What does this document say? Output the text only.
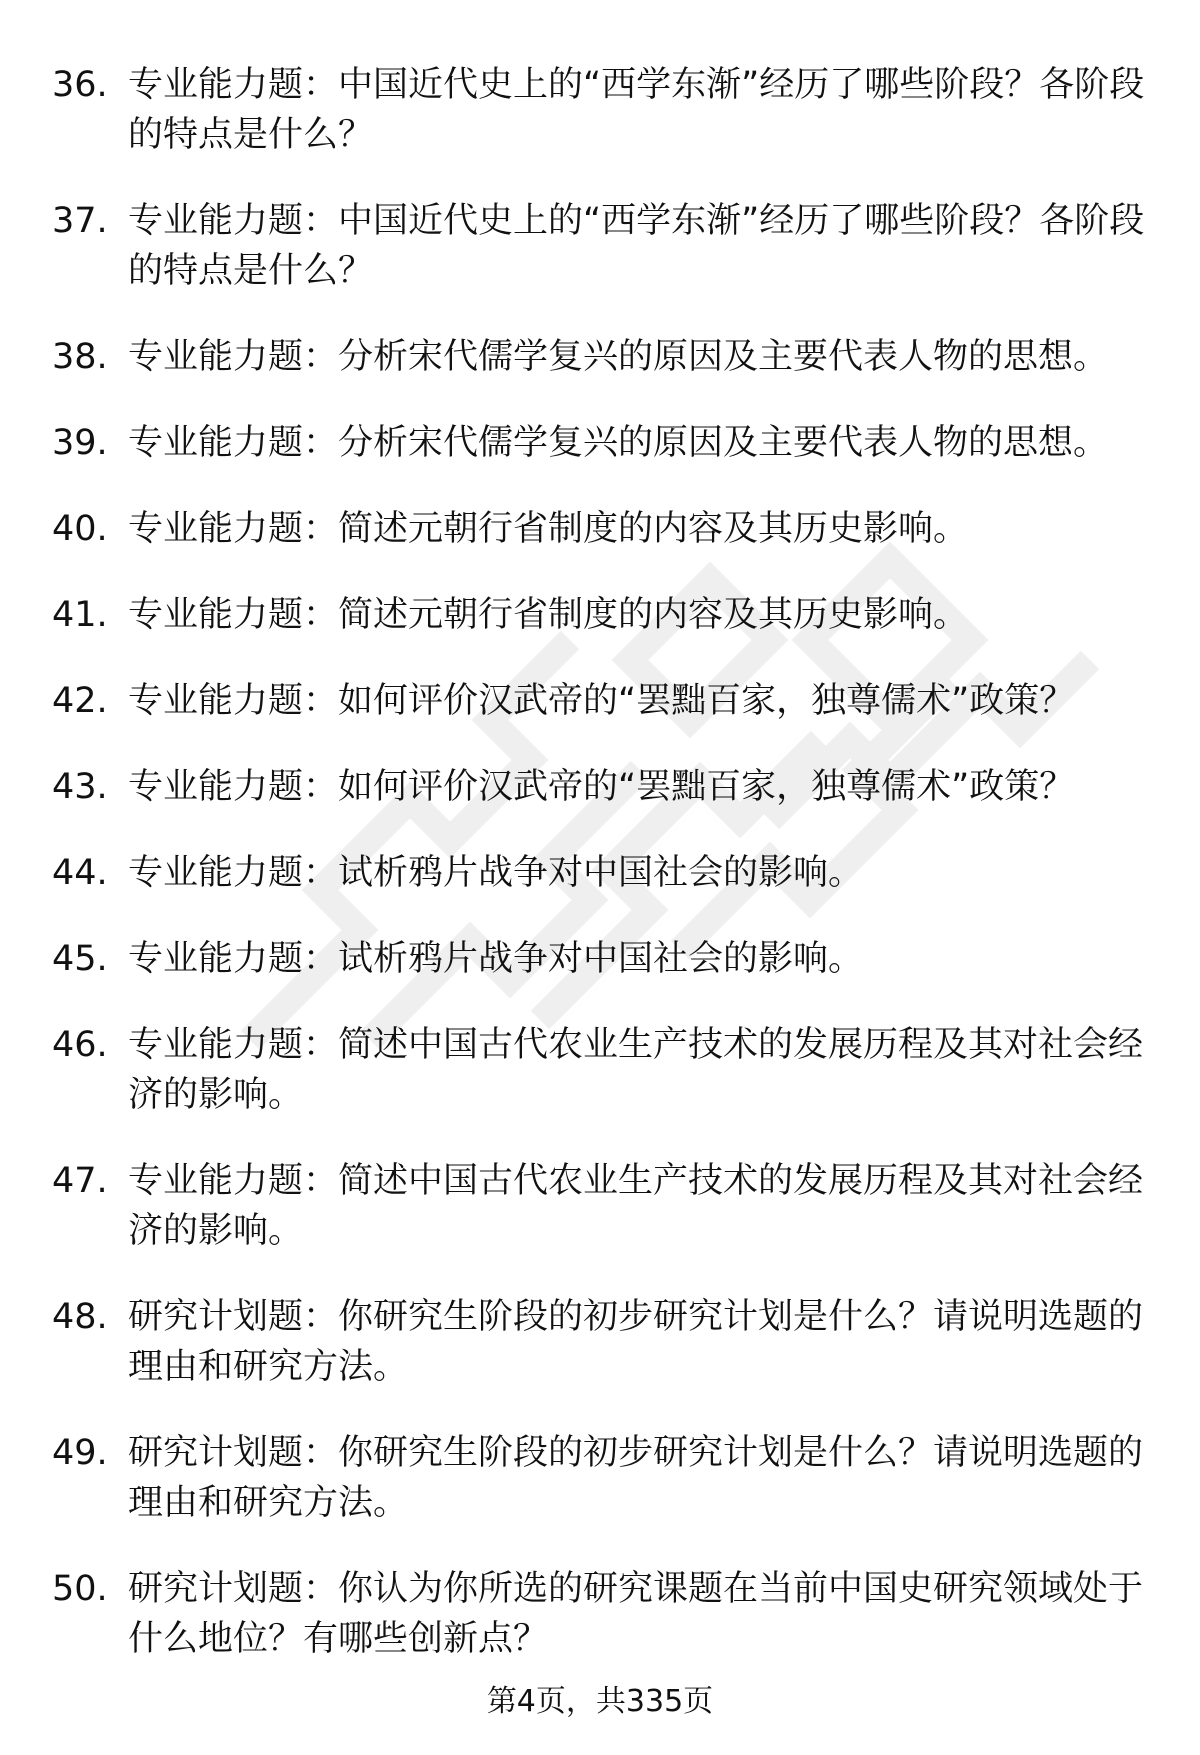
36. 专业能力题：中国近代史上的“西学东渐”经历了哪些阶段？各阶段的特点是什么？
37. 专业能力题：中国近代史上的“西学东渐”经历了哪些阶段？各阶段的特点是什么？
38. 专业能力题：分析宋代儒学复兴的原因及主要代表人物的思想。
39. 专业能力题：分析宋代儒学复兴的原因及主要代表人物的思想。
40. 专业能力题：简述元朝行省制度的内容及其历史影响。
41. 专业能力题：简述元朝行省制度的内容及其历史影响。
42. 专业能力题：如何评价汉武帝的“罢黜百家，独尊儒术”政策？
43. 专业能力题：如何评价汉武帝的“罢黜百家，独尊儒术”政策？
44. 专业能力题：试析鸦片战争对中国社会的影响。
45. 专业能力题：试析鸦片战争对中国社会的影响。
46. 专业能力题：简述中国古代农业生产技术的发展历程及其对社会经济的影响。
47. 专业能力题：简述中国古代农业生产技术的发展历程及其对社会经济的影响。
48. 研究计划题：你研究生阶段的初步研究计划是什么？请说明选题的理由和研究方法。
49. 研究计划题：你研究生阶段的初步研究计划是什么？请说明选题的理由和研究方法。
50. 研究计划题：你认为你所选的研究课题在当前中国史研究领域处于什么地位？有哪些创新点？
第4页，共335页
